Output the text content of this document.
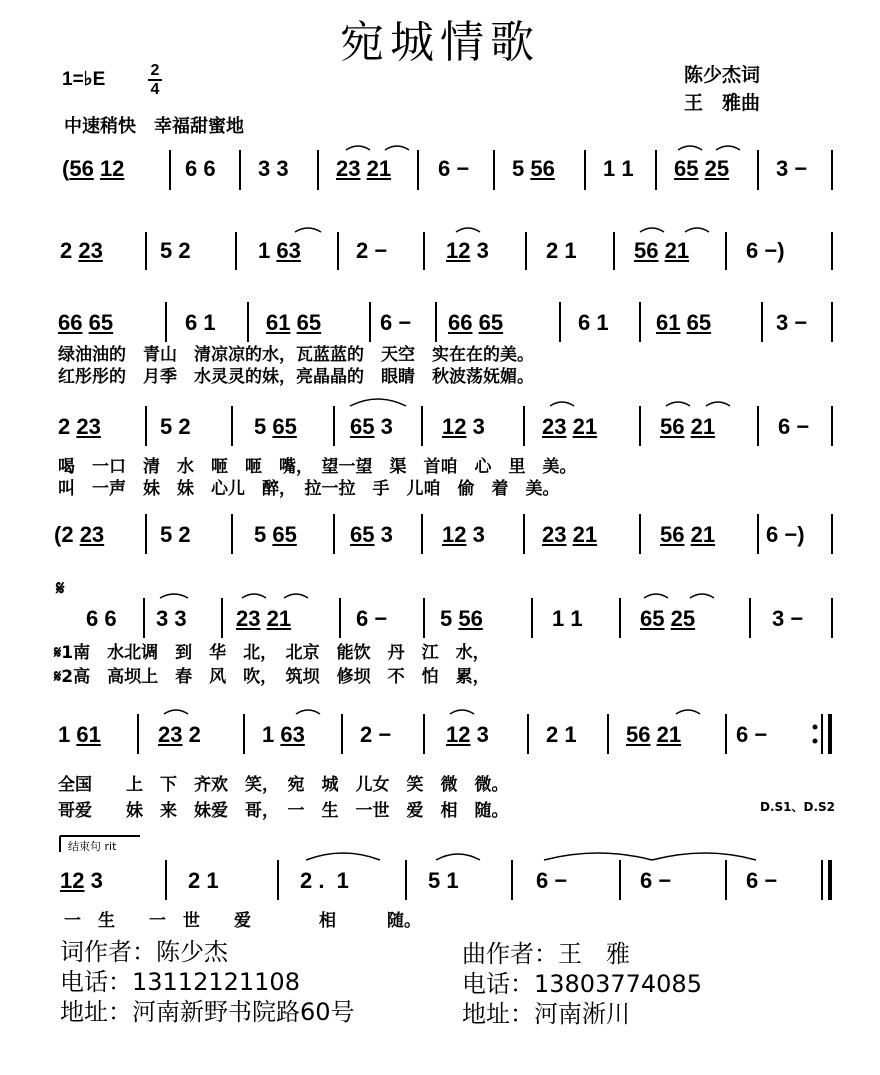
宛城情歌
1=♭E	2
4
陈少杰词
王　雅曲
中速稍快　幸福甜蜜地
(56 12	6 6 3 3 23 21 6 − 5 56 1 1 65 25 3 −
2 23	5 2	1 63	2 −	12 3	2 1	56 21	6 −)
66 65	6 1 61 65	6 − 66 65	6 1 61 65	3 −
绿油油的　青山　清凉凉的水，瓦蓝蓝的　天空　实在在的美。
红彤彤的　月季　水灵灵的妹，亮晶晶的　眼睛　秋波荡妩媚。
2 23	5 2	5 65 65 3 12 3	23 21	56 21	6 −
喝　一口　清　水　咂　咂　嘴，　望一望　渠　首咱　心　里　美。
叫　一声　妹　妹　心儿　醉，　拉一拉　手　儿咱　偷　着　美。
(2 23	5 2	5 65 65 3 12 3	23 21	56 21 6 −)
𝄋
6 6 3 3 23 21	6 − 5 56	1 1	65 25	3 −
𝄋1南　水北调　到　华　北，　北京　能饮　丹　江　水，
𝄋2高　高坝上　春　风　吹，　筑坝　修坝　不　怕　累，
1 61	23 2	1 63	2 − 12 3	2 1 56 21 6 −
全国　　上　下　齐欢　笑，　宛　城　儿女　笑　微　微。
哥爱　　妹　来　妹爱　哥，　一　生　一世　爱　相　随。	D.S1、D.S2
结束句 rit
12 3	2 1	2 .  1	5 1	6 −	6 −	6 −
一　生　　一　世　　爱　　　　相　　　随。
词作者：陈少杰
电话：13112121108
地址：河南新野书院路60号
曲作者：王　雅
电话：13803774085
地址：河南淅川
